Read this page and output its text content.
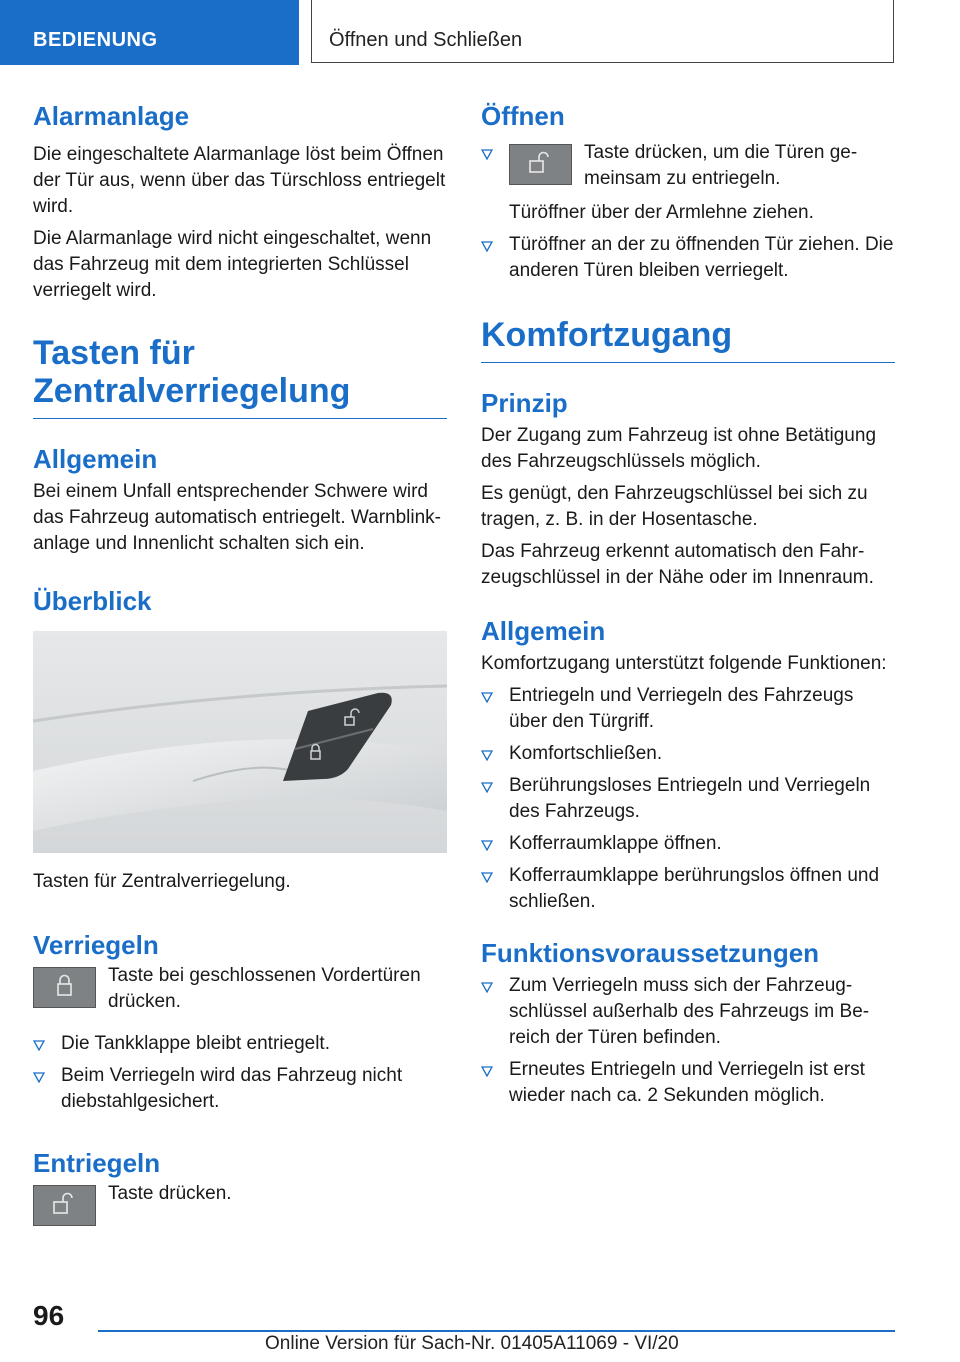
BEDIENUNG	Öffnen und Schließen
Alarmanlage

Die eingeschaltete Alarmanlage löst beim Öffnen der Tür aus, wenn über das Türschloss entriegelt wird.

Die Alarmanlage wird nicht eingeschaltet, wenn das Fahrzeug mit dem integrierten Schlüssel verriegelt wird.

Tasten für
Zentralverriegelung
Allgemein

Bei einem Unfall entsprechender Schwere wird das Fahrzeug automatisch entriegelt. Warnblinkanlage und Innenlicht schalten sich ein.

Überblick

Tasten für Zentralverriegelung.

Verriegeln

Taste bei geschlossenen Vordertüren drücken.

Die Tankklappe bleibt entriegelt.
Beim Verriegeln wird das Fahrzeug nicht diebstahlgesichert.
Entriegeln

Taste drücken.

Öffnen

Taste drücken, um die Türen gemeinsam zu entriegeln.

Türöffner über der Armlehne ziehen.

Türöffner an der zu öffnenden Tür ziehen. Die anderen Türen bleiben verriegelt.
Komfortzugang
Prinzip

Der Zugang zum Fahrzeug ist ohne Betätigung des Fahrzeugschlüssels möglich.

Es genügt, den Fahrzeugschlüssel bei sich zu tragen, z. B. in der Hosentasche.

Das Fahrzeug erkennt automatisch den Fahrzeugschlüssel in der Nähe oder im Innenraum.

Allgemein

Komfortzugang unterstützt folgende Funktionen:

Entriegeln und Verriegeln des Fahrzeugs über den Türgriff.
Komfortschließen.
Berührungsloses Entriegeln und Verriegeln des Fahrzeugs.
Kofferraumklappe öffnen.
Kofferraumklappe berührungslos öffnen und schließen.
Funktionsvoraussetzungen
Zum Verriegeln muss sich der Fahrzeugschlüssel außerhalb des Fahrzeugs im Bereich der Türen befinden.
Erneutes Entriegeln und Verriegeln ist erst wieder nach ca. 2 Sekunden möglich.
96
Online Version für Sach-Nr. 01405A11069 - VI/20
